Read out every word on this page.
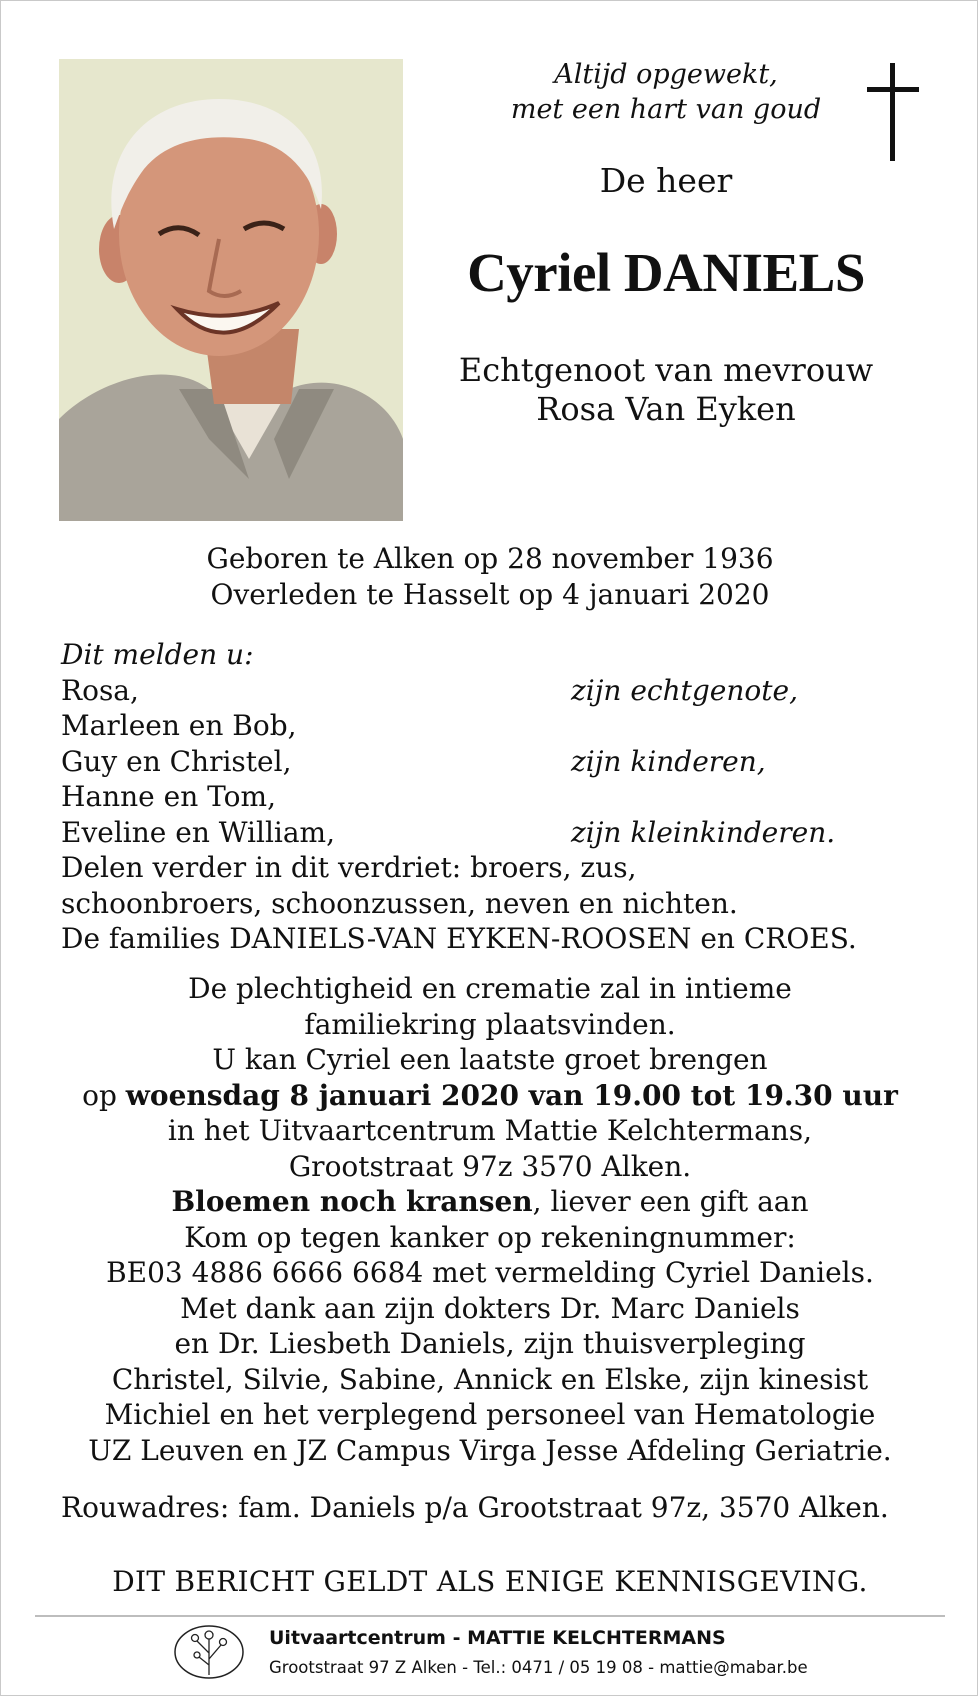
Altijd opgewekt,
met een hart van goud
De heer
Cyriel DANIELS
Echtgenoot van mevrouw
Rosa Van Eyken
Geboren te Alken op 28 november 1936
Overleden te Hasselt op 4 januari 2020
Dit melden u:
Rosa,	zijn echtgenote,
Marleen en Bob,
Guy en Christel,	zijn kinderen,
Hanne en Tom,
Eveline en William,	zijn kleinkinderen.
Delen verder in dit verdriet: broers, zus,
schoonbroers, schoonzussen, neven en nichten.
De families DANIELS-VAN EYKEN-ROOSEN en CROES.
De plechtigheid en crematie zal in intieme
familiekring plaatsvinden.
U kan Cyriel een laatste groet brengen
op woensdag 8 januari 2020 van 19.00 tot 19.30 uur
in het Uitvaartcentrum Mattie Kelchtermans,
Grootstraat 97z 3570 Alken.
Bloemen noch kransen, liever een gift aan
Kom op tegen kanker op rekeningnummer:
BE03 4886 6666 6684 met vermelding Cyriel Daniels.
Met dank aan zijn dokters Dr. Marc Daniels
en Dr. Liesbeth Daniels, zijn thuisverpleging
Christel, Silvie, Sabine, Annick en Elske, zijn kinesist
Michiel en het verplegend personeel van Hematologie
UZ Leuven en JZ Campus Virga Jesse Afdeling Geriatrie.
Rouwadres: fam. Daniels p/a Grootstraat 97z, 3570 Alken.
DIT BERICHT GELDT ALS ENIGE KENNISGEVING.
Uitvaartcentrum - MATTIE KELCHTERMANS
Grootstraat 97 Z Alken - Tel.: 0471 / 05 19 08 - mattie@mabar.be
